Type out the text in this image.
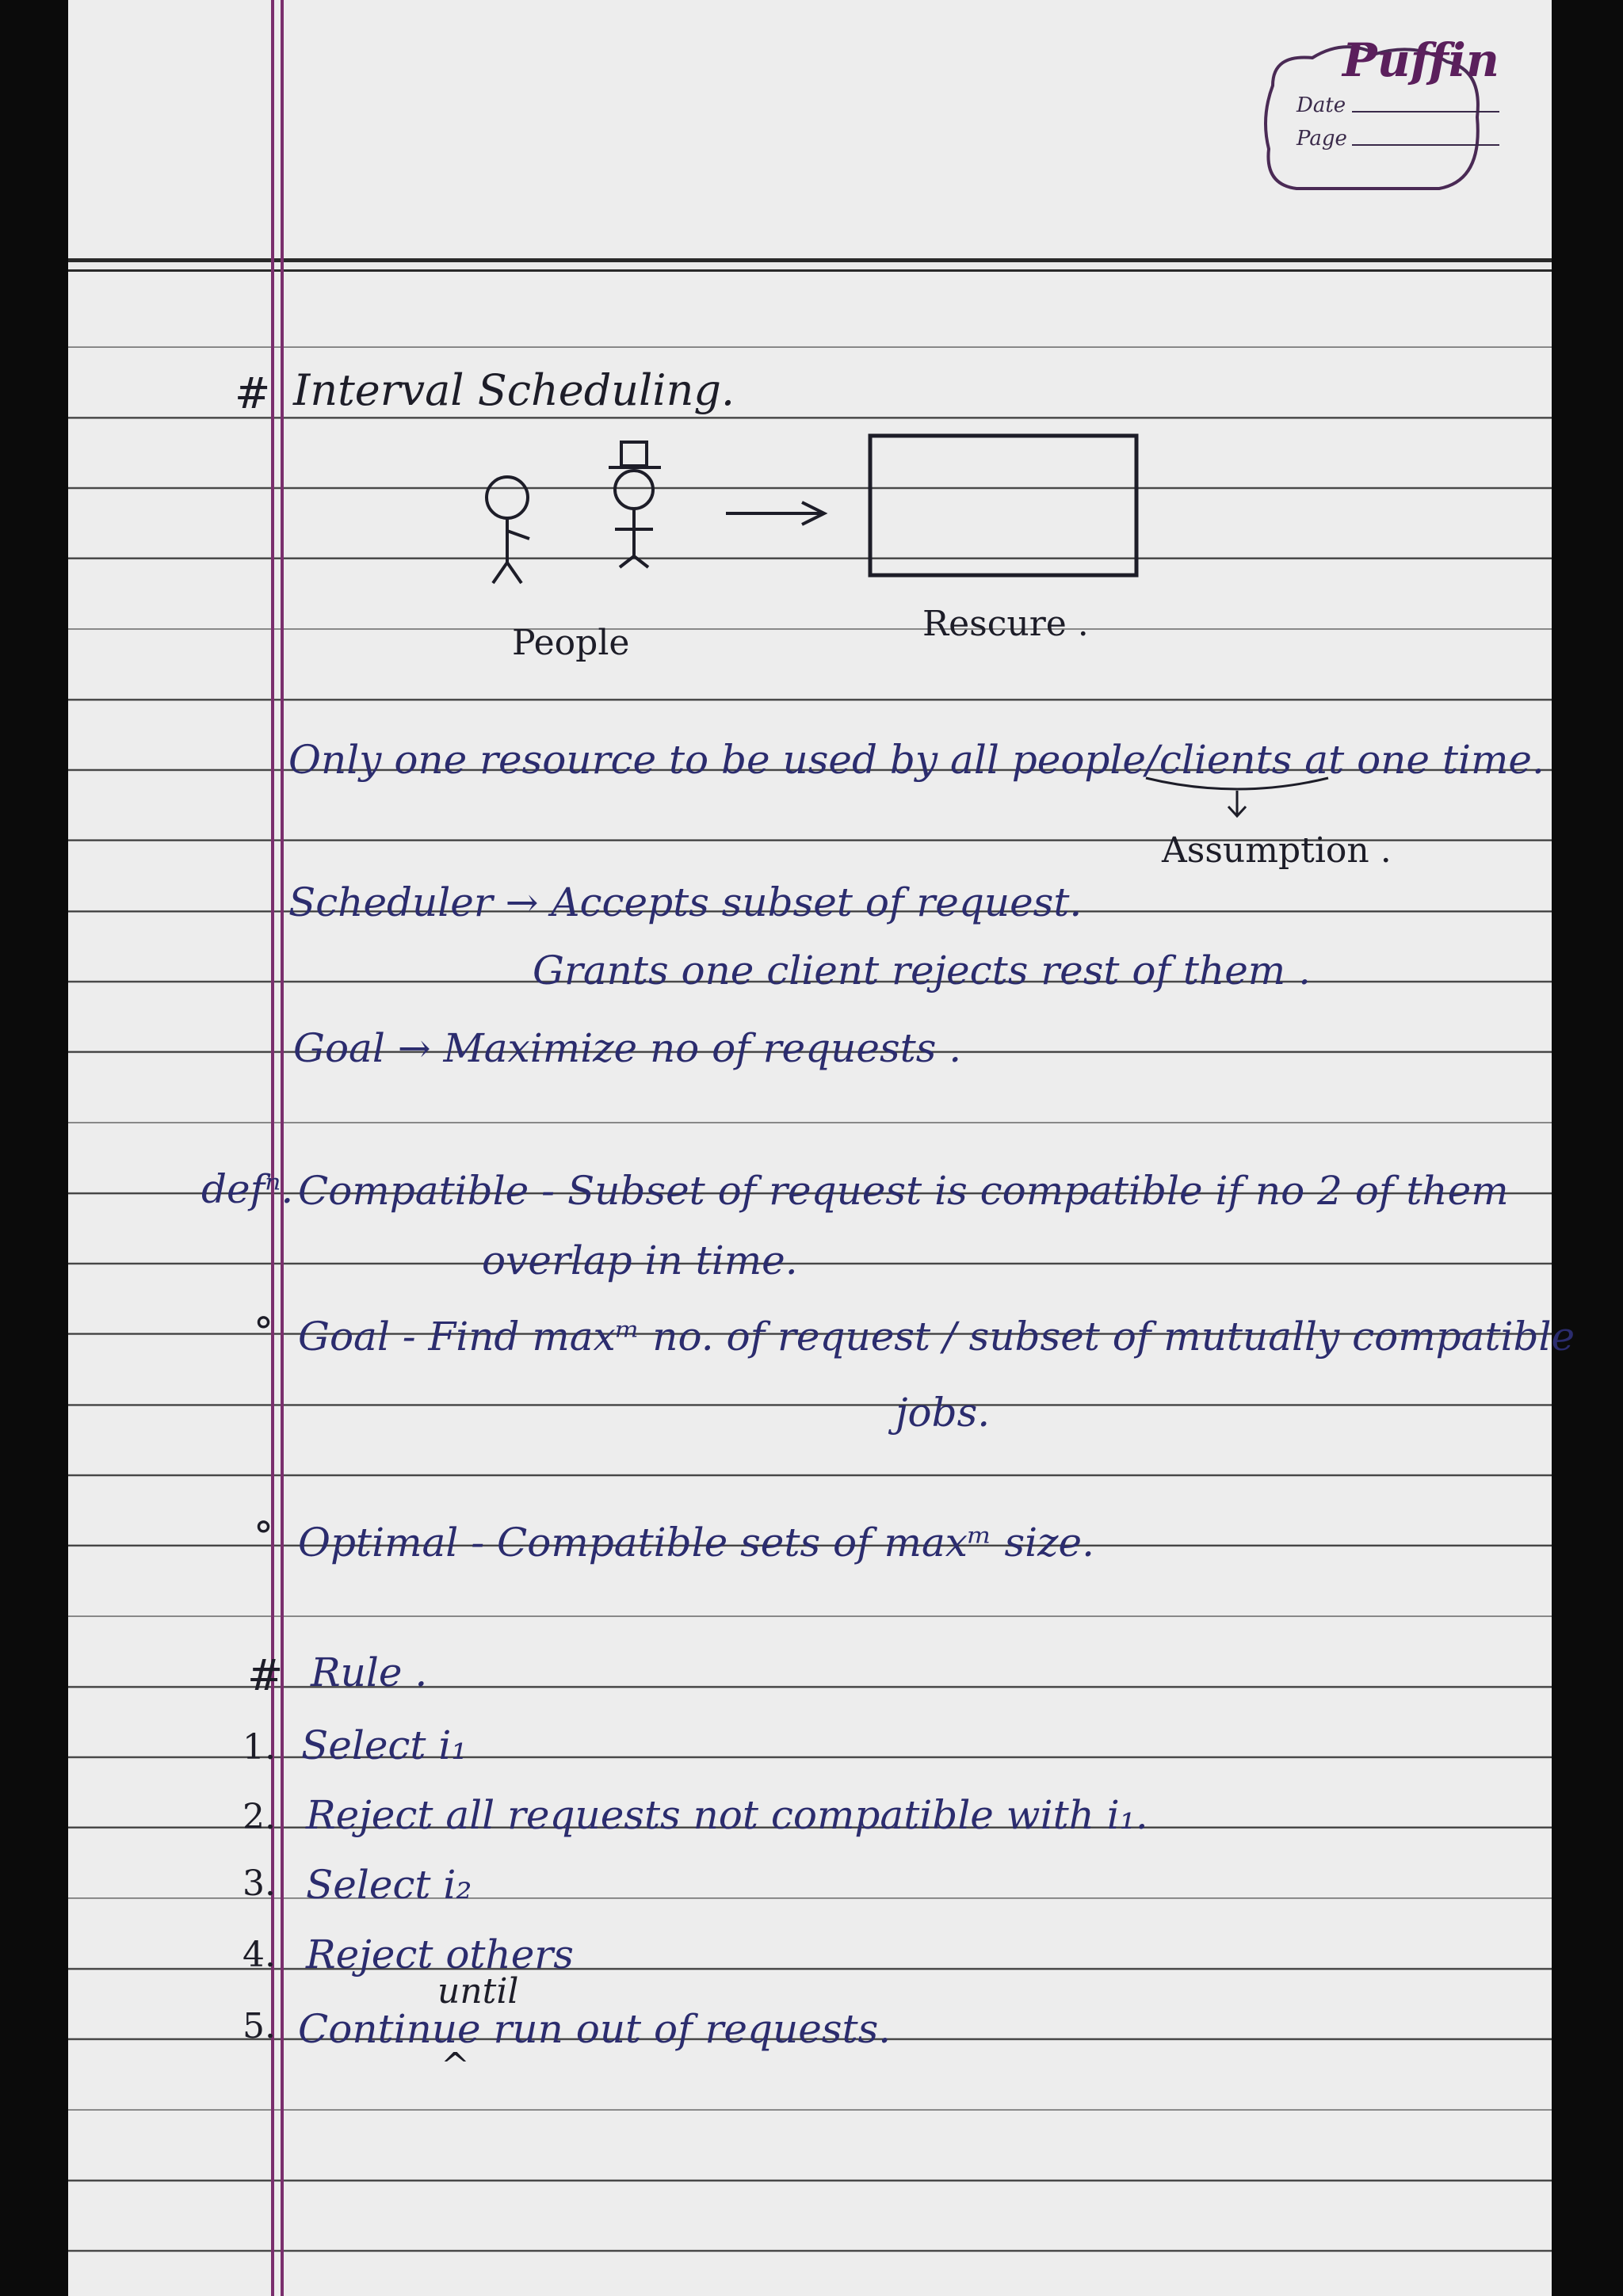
Puffin
Date
Page
# Interval Scheduling.
People	Rescure .
Only one resource to be used by all people/clients at one time.
Assumption .
Scheduler → Accepts subset of request.
Grants one client rejects rest of them .
Goal → Maximize no of requests .
defⁿ. Compatible - Subset of request is compatible if no 2 of them
overlap in time.
° Goal - Find maxᵐ no. of request / subset of mutually compatible
jobs.
° Optimal - Compatible sets of maxᵐ size.
# Rule .
1. Select i₁
2. Reject all requests not compatible with i₁.
3. Select i₂
4. Reject others
until
5. Continue run out of requests.
^
